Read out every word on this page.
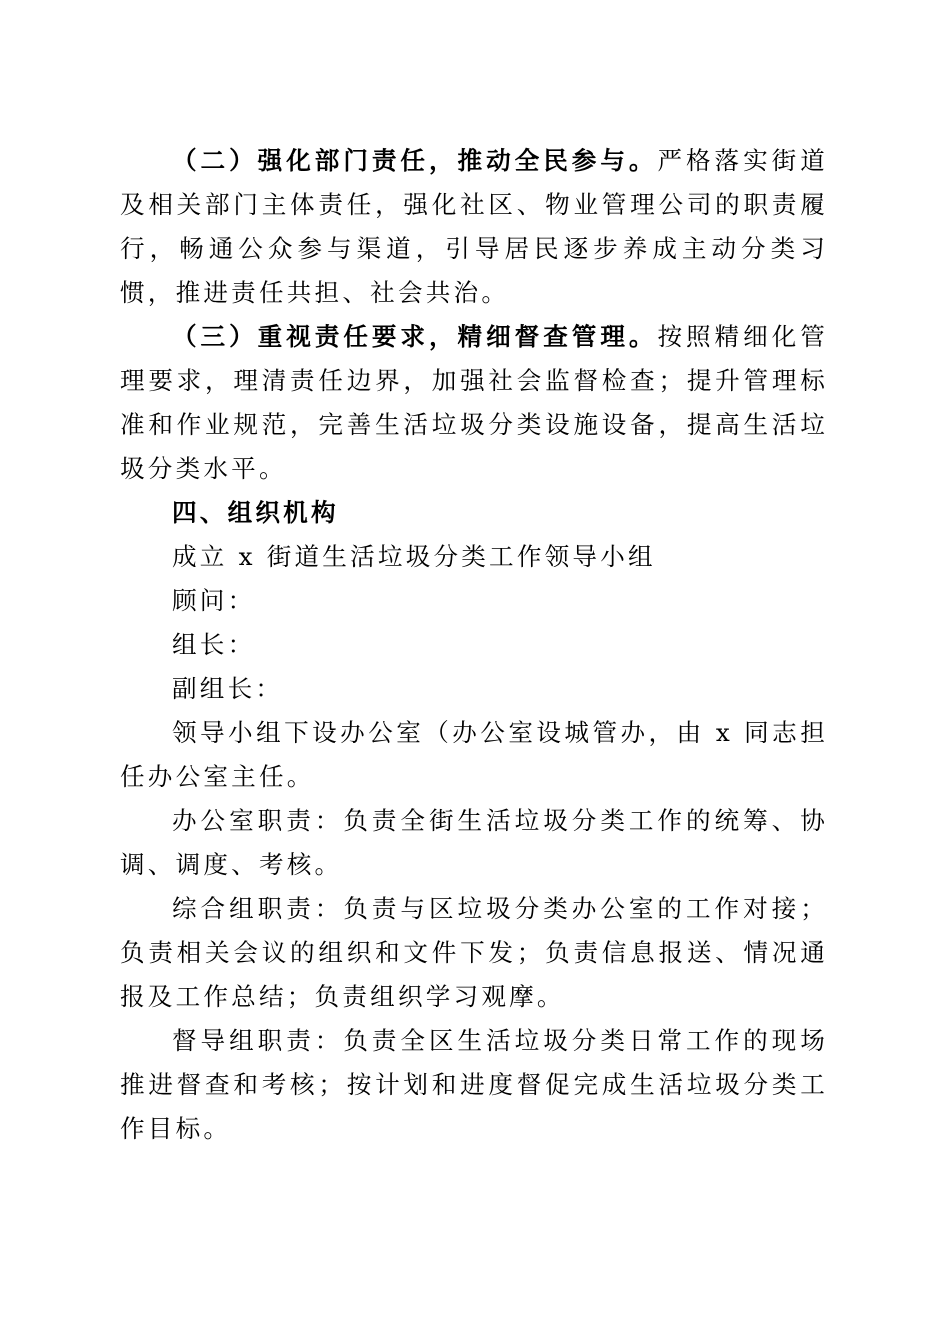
（二）强化部门责任，推动全民参与。严格落实街道及相关部门主体责任，强化社区、物业管理公司的职责履行，畅通公众参与渠道，引导居民逐步养成主动分类习惯，推进责任共担、社会共治。

（三）重视责任要求，精细督查管理。按照精细化管理要求，理清责任边界，加强社会监督检查；提升管理标准和作业规范，完善生活垃圾分类设施设备，提高生活垃圾分类水平。

四、组织机构

成立 x 街道生活垃圾分类工作领导小组

顾问：

组长：

副组长：

领导小组下设办公室（办公室设城管办，由 x 同志担任办公室主任。

办公室职责：负责全街生活垃圾分类工作的统筹、协调、调度、考核。

综合组职责：负责与区垃圾分类办公室的工作对接；负责相关会议的组织和文件下发；负责信息报送、情况通报及工作总结；负责组织学习观摩。

督导组职责：负责全区生活垃圾分类日常工作的现场推进督查和考核；按计划和进度督促完成生活垃圾分类工作目标。
